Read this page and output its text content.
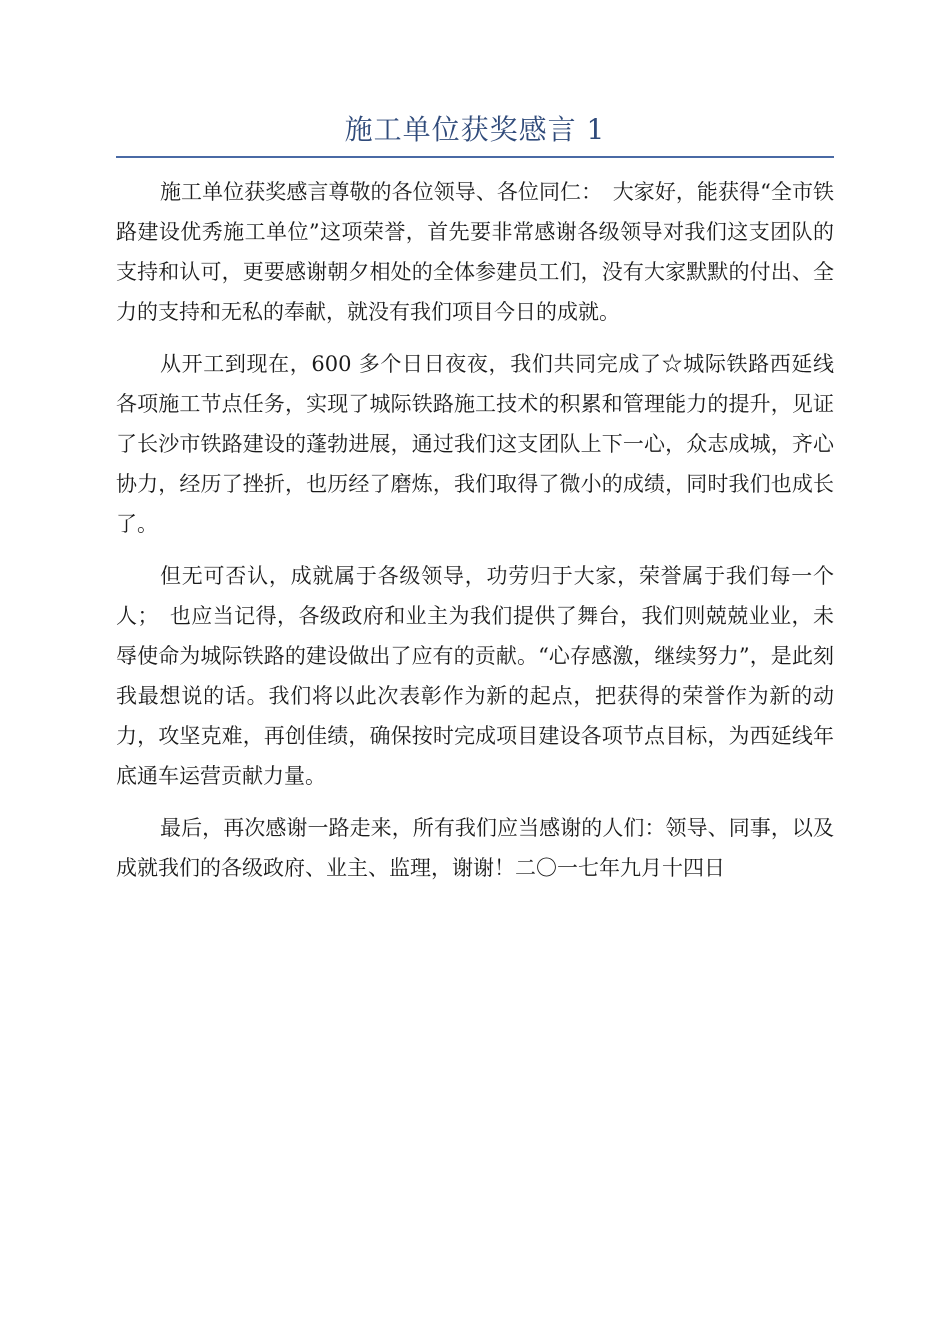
施工单位获奖感言 1

施工单位获奖感言尊敬的各位领导、各位同仁：　大家好，能获得“全市铁路建设优秀施工单位”这项荣誉，首先要非常感谢各级领导对我们这支团队的支持和认可，更要感谢朝夕相处的全体参建员工们，没有大家默默的付出、全力的支持和无私的奉献，就没有我们项目今日的成就。

从开工到现在，600 多个日日夜夜，我们共同完成了☆城际铁路西延线各项施工节点任务，实现了城际铁路施工技术的积累和管理能力的提升，见证了长沙市铁路建设的蓬勃进展，通过我们这支团队上下一心，众志成城，齐心协力，经历了挫折，也历经了磨炼，我们取得了微小的成绩，同时我们也成长了。

但无可否认，成就属于各级领导，功劳归于大家，荣誉属于我们每一个人；　也应当记得，各级政府和业主为我们提供了舞台，我们则兢兢业业，未辱使命为城际铁路的建设做出了应有的贡献。“心存感激，继续努力”，是此刻我最想说的话。我们将以此次表彰作为新的起点，把获得的荣誉作为新的动力，攻坚克难，再创佳绩，确保按时完成项目建设各项节点目标，为西延线年底通车运营贡献力量。

最后，再次感谢一路走来，所有我们应当感谢的人们：领导、同事，以及成就我们的各级政府、业主、监理，谢谢！二〇一七年九月十四日
